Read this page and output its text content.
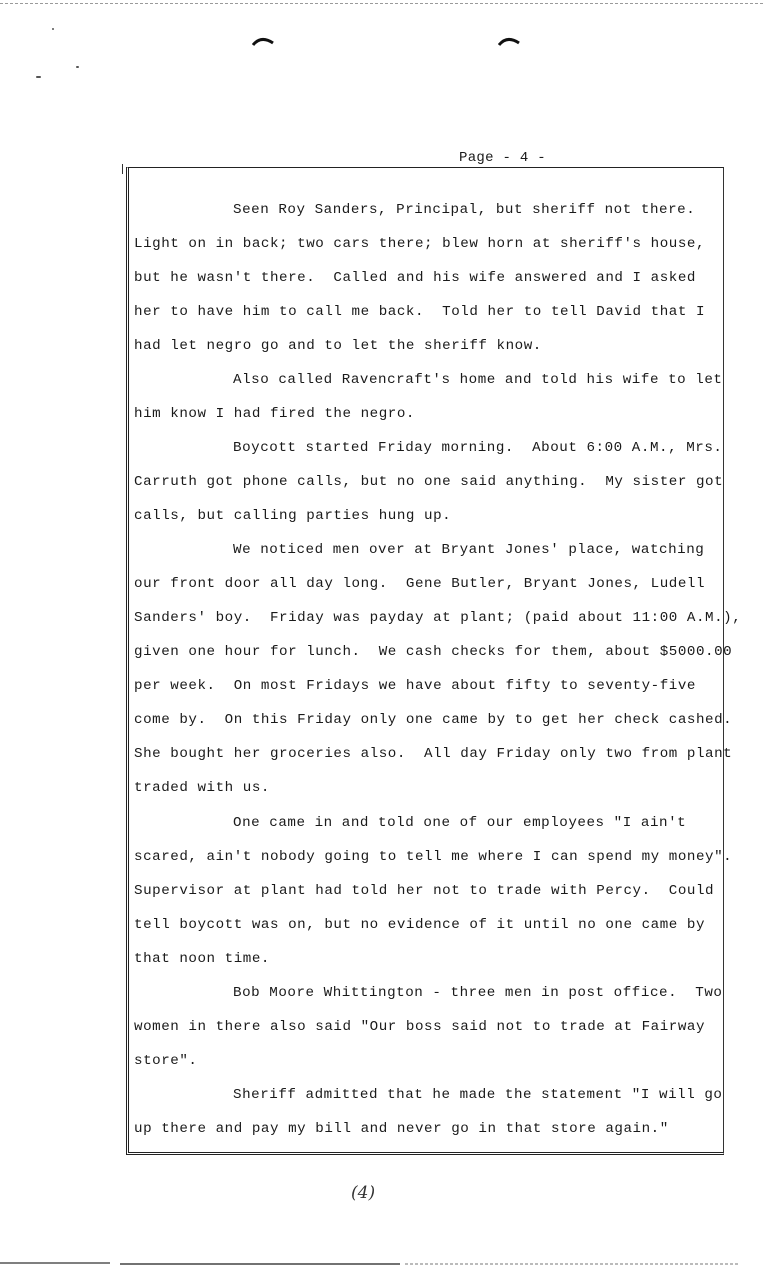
Page - 4 -
Seen Roy Sanders, Principal, but sheriff not there.
Light on in back; two cars there; blew horn at sheriff's house,
but he wasn't there.  Called and his wife answered and I asked
her to have him to call me back.  Told her to tell David that I
had let negro go and to let the sheriff know.
Also called Ravencraft's home and told his wife to let
him know I had fired the negro.
Boycott started Friday morning.  About 6:00 A.M., Mrs.
Carruth got phone calls, but no one said anything.  My sister got
calls, but calling parties hung up.
We noticed men over at Bryant Jones' place, watching
our front door all day long.  Gene Butler, Bryant Jones, Ludell
Sanders' boy.  Friday was payday at plant; (paid about 11:00 A.M.),
given one hour for lunch.  We cash checks for them, about $5000.00
per week.  On most Fridays we have about fifty to seventy-five
come by.  On this Friday only one came by to get her check cashed.
She bought her groceries also.  All day Friday only two from plant
traded with us.
One came in and told one of our employees "I ain't
scared, ain't nobody going to tell me where I can spend my money".
Supervisor at plant had told her not to trade with Percy.  Could
tell boycott was on, but no evidence of it until no one came by
that noon time.
Bob Moore Whittington - three men in post office.  Two
women in there also said "Our boss said not to trade at Fairway
store".
Sheriff admitted that he made the statement "I will go
up there and pay my bill and never go in that store again."
(4)
